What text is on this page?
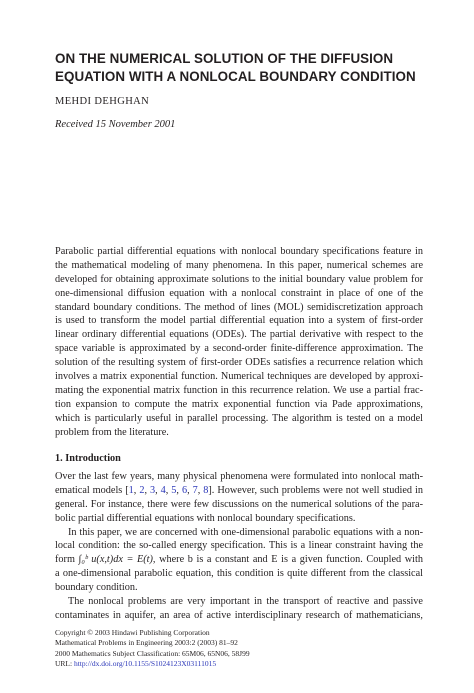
ON THE NUMERICAL SOLUTION OF THE DIFFUSION
EQUATION WITH A NONLOCAL BOUNDARY CONDITION

MEHDI DEHGHAN

Received 15 November 2001

Parabolic partial differential equations with nonlocal boundary specifications feature in
the mathematical modeling of many phenomena. In this paper, numerical schemes are
developed for obtaining approximate solutions to the initial boundary value problem for
one-dimensional diffusion equation with a nonlocal constraint in place of one of the
standard boundary conditions. The method of lines (MOL) semidiscretization approach
is used to transform the model partial differential equation into a system of first-order
linear ordinary differential equations (ODEs). The partial derivative with respect to the
space variable is approximated by a second-order finite-difference approximation. The
solution of the resulting system of first-order ODEs satisfies a recurrence relation which
involves a matrix exponential function. Numerical techniques are developed by approxi-
mating the exponential matrix function in this recurrence relation. We use a partial frac-
tion expansion to compute the matrix exponential function via Pade approximations,
which is particularly useful in parallel processing. The algorithm is tested on a model
problem from the literature.
1. Introduction
Over the last few years, many physical phenomena were formulated into nonlocal math-
ematical models [1, 2, 3, 4, 5, 6, 7, 8]. However, such problems were not well studied in
general. For instance, there were few discussions on the numerical solutions of the para-
bolic partial differential equations with nonlocal boundary specifications.
In this paper, we are concerned with one-dimensional parabolic equations with a non-
local condition: the so-called energy specification. This is a linear constraint having the
form ∫₀ᵇ u(x,t)dx = E(t), where b is a constant and E is a given function. Coupled with
a one-dimensional parabolic equation, this condition is quite different from the classical
boundary condition.
The nonlocal problems are very important in the transport of reactive and passive
contaminates in aquifer, an area of active interdisciplinary research of mathematicians,
Copyright © 2003 Hindawi Publishing Corporation
Mathematical Problems in Engineering 2003:2 (2003) 81–92
2000 Mathematics Subject Classification: 65M06, 65N06, 58J99
URL: http://dx.doi.org/10.1155/S1024123X03111015
